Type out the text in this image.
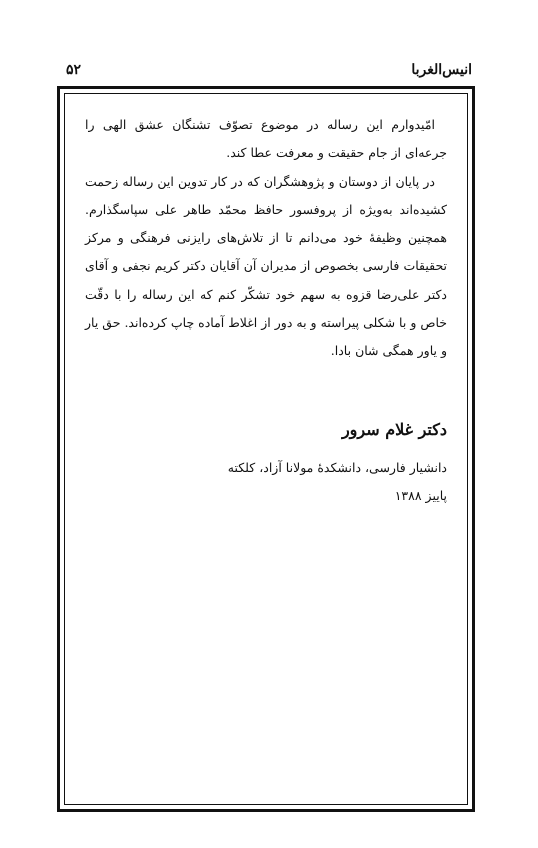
انیس‌الغربا
۵۲

امّیدوارم این رساله در موضوع تصوّف تشنگان عشق الهی را جرعه‌ای از جام حقیقت و معرفت عطا کند.

در پایان از دوستان و پژوهشگران که در کار تدوین این رساله زحمت کشیده‌اند به‌ویژه از پروفسور حافظ محمّد طاهر علی سپاسگذارم. همچنین وظیفهٔ خود می‌دانم تا از تلاش‌های رایزنی فرهنگی و مرکز تحقیقات فارسی بخصوص از مدیران آن آقایان دکتر کریم نجفی و آقای دکتر علی‌رضا قزوه به سهم خود تشکّر کنم که این رساله را با دقّت خاص و با شکلی پیراسته و به دور از اغلاط آماده چاپ کرده‌اند. حق یار و یاور همگی شان بادا.

دکتر غلام سرور

دانشیار فارسی، دانشکدهٔ مولانا آزاد، کلکته

پاییز ۱۳۸۸
